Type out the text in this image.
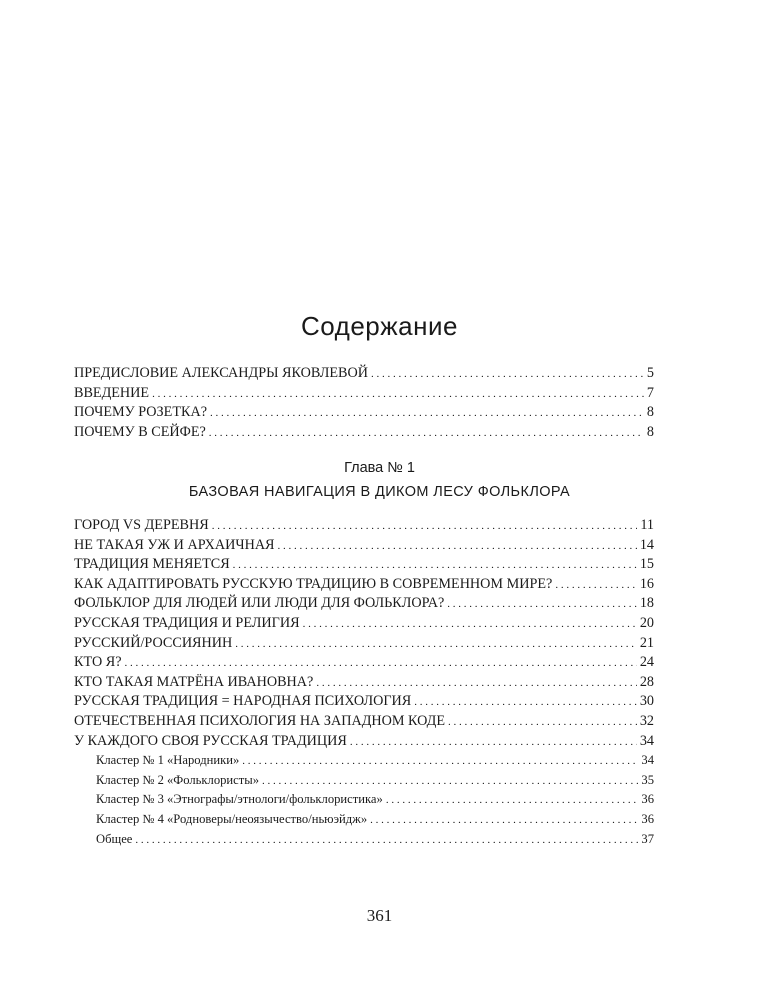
Содержание
ПРЕДИСЛОВИЕ АЛЕКСАНДРЫ ЯКОВЛЕВОЙ . . .	5
ВВЕДЕНИЕ . . .	7
ПОЧЕМУ РОЗЕТКА? . . .	8
ПОЧЕМУ В СЕЙФЕ? . . .	8

Глава № 1

БАЗОВАЯ НАВИГАЦИЯ В ДИКОМ ЛЕСУ ФОЛЬКЛОРА

ГОРОД VS ДЕРЕВНЯ . . .	11
НЕ ТАКАЯ УЖ И АРХАИЧНАЯ . . .	14
ТРАДИЦИЯ МЕНЯЕТСЯ . . .	15
КАК АДАПТИРОВАТЬ РУССКУЮ ТРАДИЦИЮ В СОВРЕМЕННОМ МИРЕ? . . .	16
ФОЛЬКЛОР ДЛЯ ЛЮДЕЙ ИЛИ ЛЮДИ ДЛЯ ФОЛЬКЛОРА? . . .	18
РУССКАЯ ТРАДИЦИЯ И РЕЛИГИЯ . . .	20
РУССКИЙ/РОССИЯНИН . . .	21
КТО Я? . . .	24
КТО ТАКАЯ МАТРЁНА ИВАНОВНА? . . .	28
РУССКАЯ ТРАДИЦИЯ = НАРОДНАЯ ПСИХОЛОГИЯ . . .	30
ОТЕЧЕСТВЕННАЯ ПСИХОЛОГИЯ НА ЗАПАДНОМ КОДЕ . . .	32
У КАЖДОГО СВОЯ РУССКАЯ ТРАДИЦИЯ . . .	34
Кластер № 1 «Народники» . . .	34
Кластер № 2 «Фольклористы» . . .	35
Кластер № 3 «Этнографы/этнологи/фольклористика» . . .	36
Кластер № 4 «Родноверы/неоязычество/ньюэйдж» . . .	36
Общее . . .	37

361
